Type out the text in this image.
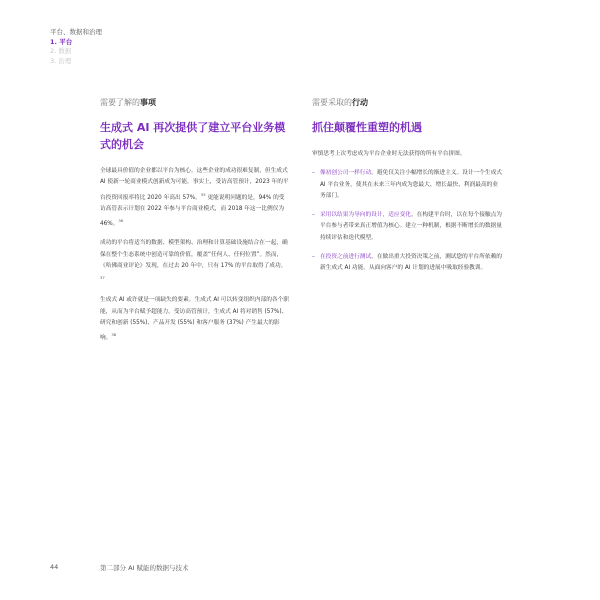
平台、数据和治理
1. 平台
2. 数据
3. 治理
需要了解的事项
生成式 AI 再次提供了建立平台业务模式的机会

全球最具价值的企业都以平台为核心。这些企业的成功很难复制，但生成式 AI 使新一轮商业模式创新成为可能。事实上，受访高管预计，2023 年的平台投资回报率将比 2020 年高出 57%。$^{35}$ 更能说明问题的是，94% 的受访高管表示计划在 2022 年参与平台商业模式，而 2018 年这一比例仅为 46%。$^{36}$

成功的平台将适当的数据、模型架构、治理和计算基础设施结合在一起，确保在整个生态系统中创造可靠的价值，覆盖“任何人、任何位置”。然而，《哈佛商业评论》发现，在过去 20 年中，只有 17% 的平台取得了成功。$^{37}$

生成式 AI 或许就是一项缺失的要素。生成式 AI 可以转变组织内部的各个职能，从而为平台赋予超能力。受访高管预计，生成式 AI 将对销售 (57%)、研究和创新 (55%)、产品开发 (55%) 和客户服务 (37%) 产生最大的影响。$^{38}$

需要采取的行动
抓住颠覆性重塑的机遇

审慎思考上次考虑成为平台企业时无法获得的所有平台拼图。

– 像初创公司一样行动。避免仅关注小幅增长的渐进主义。设计一个生成式 AI 平台业务，使其在未来三年内成为您最大、增长最快、利润最高的业务部门。
– 采用以结果为导向的设计，适应变化。在构建平台时，以在每个接触点为平台参与者带来真正增值为核心。建立一种机制，根据不断增长的数据量持续评估和迭代模型。
– 在投资之前进行测试。在做出重大投资决策之前，测试您的平台所依赖的新生成式 AI 功能。从面向客户的 AI 计划的进展中吸取经验教训。
44	第二部分 AI 赋能的数据与技术
